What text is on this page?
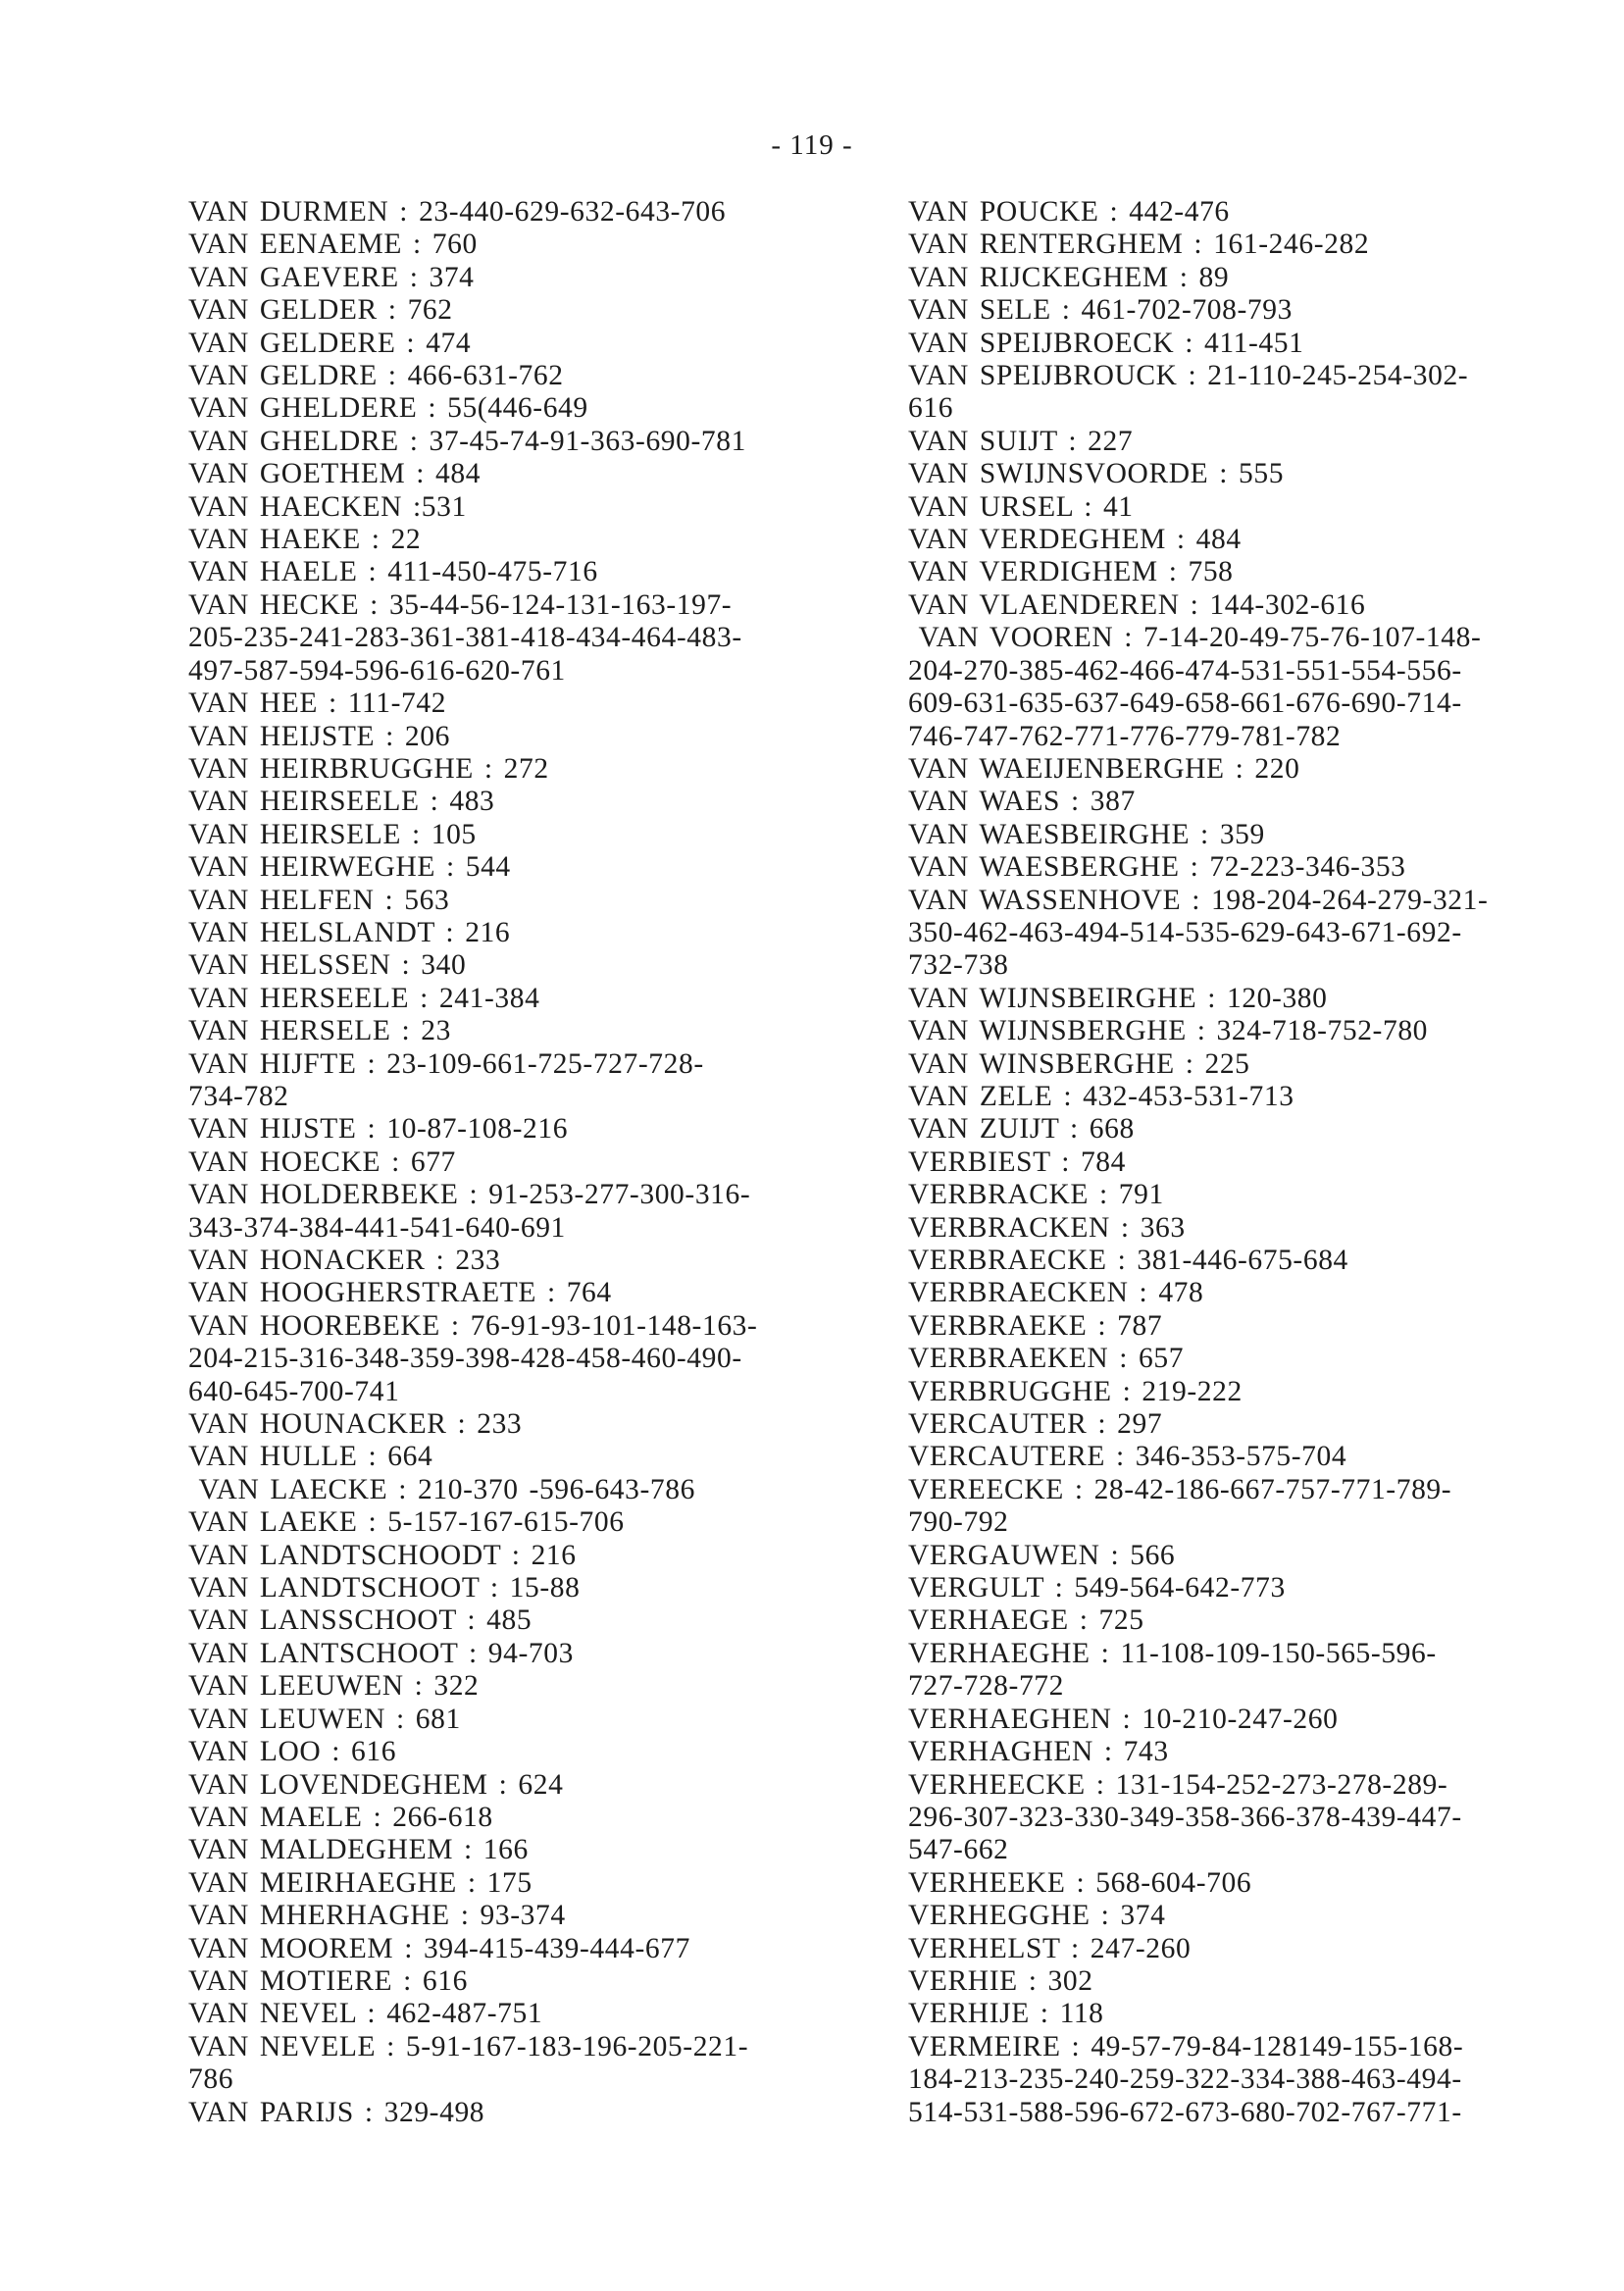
- 119 -
VAN DURMEN : 23-440-629-632-643-706
VAN EENAEME : 760
VAN GAEVERE : 374
VAN GELDER : 762
VAN GELDERE : 474
VAN GELDRE : 466-631-762
VAN GHELDERE : 55(446-649
VAN GHELDRE : 37-45-74-91-363-690-781
VAN GOETHEM : 484
VAN HAECKEN :531
VAN HAEKE : 22
VAN HAELE : 411-450-475-716
VAN HECKE : 35-44-56-124-131-163-197-
205-235-241-283-361-381-418-434-464-483-
497-587-594-596-616-620-761
VAN HEE : 111-742
VAN HEIJSTE : 206
VAN HEIRBRUGGHE : 272
VAN HEIRSEELE : 483
VAN HEIRSELE : 105
VAN HEIRWEGHE : 544
VAN HELFEN : 563
VAN HELSLANDT : 216
VAN HELSSEN : 340
VAN HERSEELE : 241-384
VAN HERSELE : 23
VAN HIJFTE : 23-109-661-725-727-728-
734-782
VAN HIJSTE : 10-87-108-216
VAN HOECKE : 677
VAN HOLDERBEKE : 91-253-277-300-316-
343-374-384-441-541-640-691
VAN HONACKER : 233
VAN HOOGHERSTRAETE : 764
VAN HOOREBEKE : 76-91-93-101-148-163-
204-215-316-348-359-398-428-458-460-490-
640-645-700-741
VAN HOUNACKER : 233
VAN HULLE : 664
VAN LAECKE : 210-370 -596-643-786
VAN LAEKE : 5-157-167-615-706
VAN LANDTSCHOODT : 216
VAN LANDTSCHOOT : 15-88
VAN LANSSCHOOT : 485
VAN LANTSCHOOT : 94-703
VAN LEEUWEN : 322
VAN LEUWEN : 681
VAN LOO : 616
VAN LOVENDEGHEM : 624
VAN MAELE : 266-618
VAN MALDEGHEM : 166
VAN MEIRHAEGHE : 175
VAN MHERHAGHE : 93-374
VAN MOOREM : 394-415-439-444-677
VAN MOTIERE : 616
VAN NEVEL : 462-487-751
VAN NEVELE : 5-91-167-183-196-205-221-
786
VAN PARIJS : 329-498
VAN POUCKE : 442-476
VAN RENTERGHEM : 161-246-282
VAN RIJCKEGHEM : 89
VAN SELE : 461-702-708-793
VAN SPEIJBROECK : 411-451
VAN SPEIJBROUCK : 21-110-245-254-302-
616
VAN SUIJT : 227
VAN SWIJNSVOORDE : 555
VAN URSEL : 41
VAN VERDEGHEM : 484
VAN VERDIGHEM : 758
VAN VLAENDEREN : 144-302-616
VAN VOOREN : 7-14-20-49-75-76-107-148-
204-270-385-462-466-474-531-551-554-556-
609-631-635-637-649-658-661-676-690-714-
746-747-762-771-776-779-781-782
VAN WAEIJENBERGHE : 220
VAN WAES : 387
VAN WAESBEIRGHE : 359
VAN WAESBERGHE : 72-223-346-353
VAN WASSENHOVE : 198-204-264-279-321-
350-462-463-494-514-535-629-643-671-692-
732-738
VAN WIJNSBEIRGHE : 120-380
VAN WIJNSBERGHE : 324-718-752-780
VAN WINSBERGHE : 225
VAN ZELE : 432-453-531-713
VAN ZUIJT : 668
VERBIEST : 784
VERBRACKE : 791
VERBRACKEN : 363
VERBRAECKE : 381-446-675-684
VERBRAECKEN : 478
VERBRAEKE : 787
VERBRAEKEN : 657
VERBRUGGHE : 219-222
VERCAUTER : 297
VERCAUTERE : 346-353-575-704
VEREECKE : 28-42-186-667-757-771-789-
790-792
VERGAUWEN : 566
VERGULT : 549-564-642-773
VERHAEGE : 725
VERHAEGHE : 11-108-109-150-565-596-
727-728-772
VERHAEGHEN : 10-210-247-260
VERHAGHEN : 743
VERHEECKE : 131-154-252-273-278-289-
296-307-323-330-349-358-366-378-439-447-
547-662
VERHEEKE : 568-604-706
VERHEGGHE : 374
VERHELST : 247-260
VERHIE : 302
VERHIJE : 118
VERMEIRE : 49-57-79-84-128149-155-168-
184-213-235-240-259-322-334-388-463-494-
514-531-588-596-672-673-680-702-767-771-
